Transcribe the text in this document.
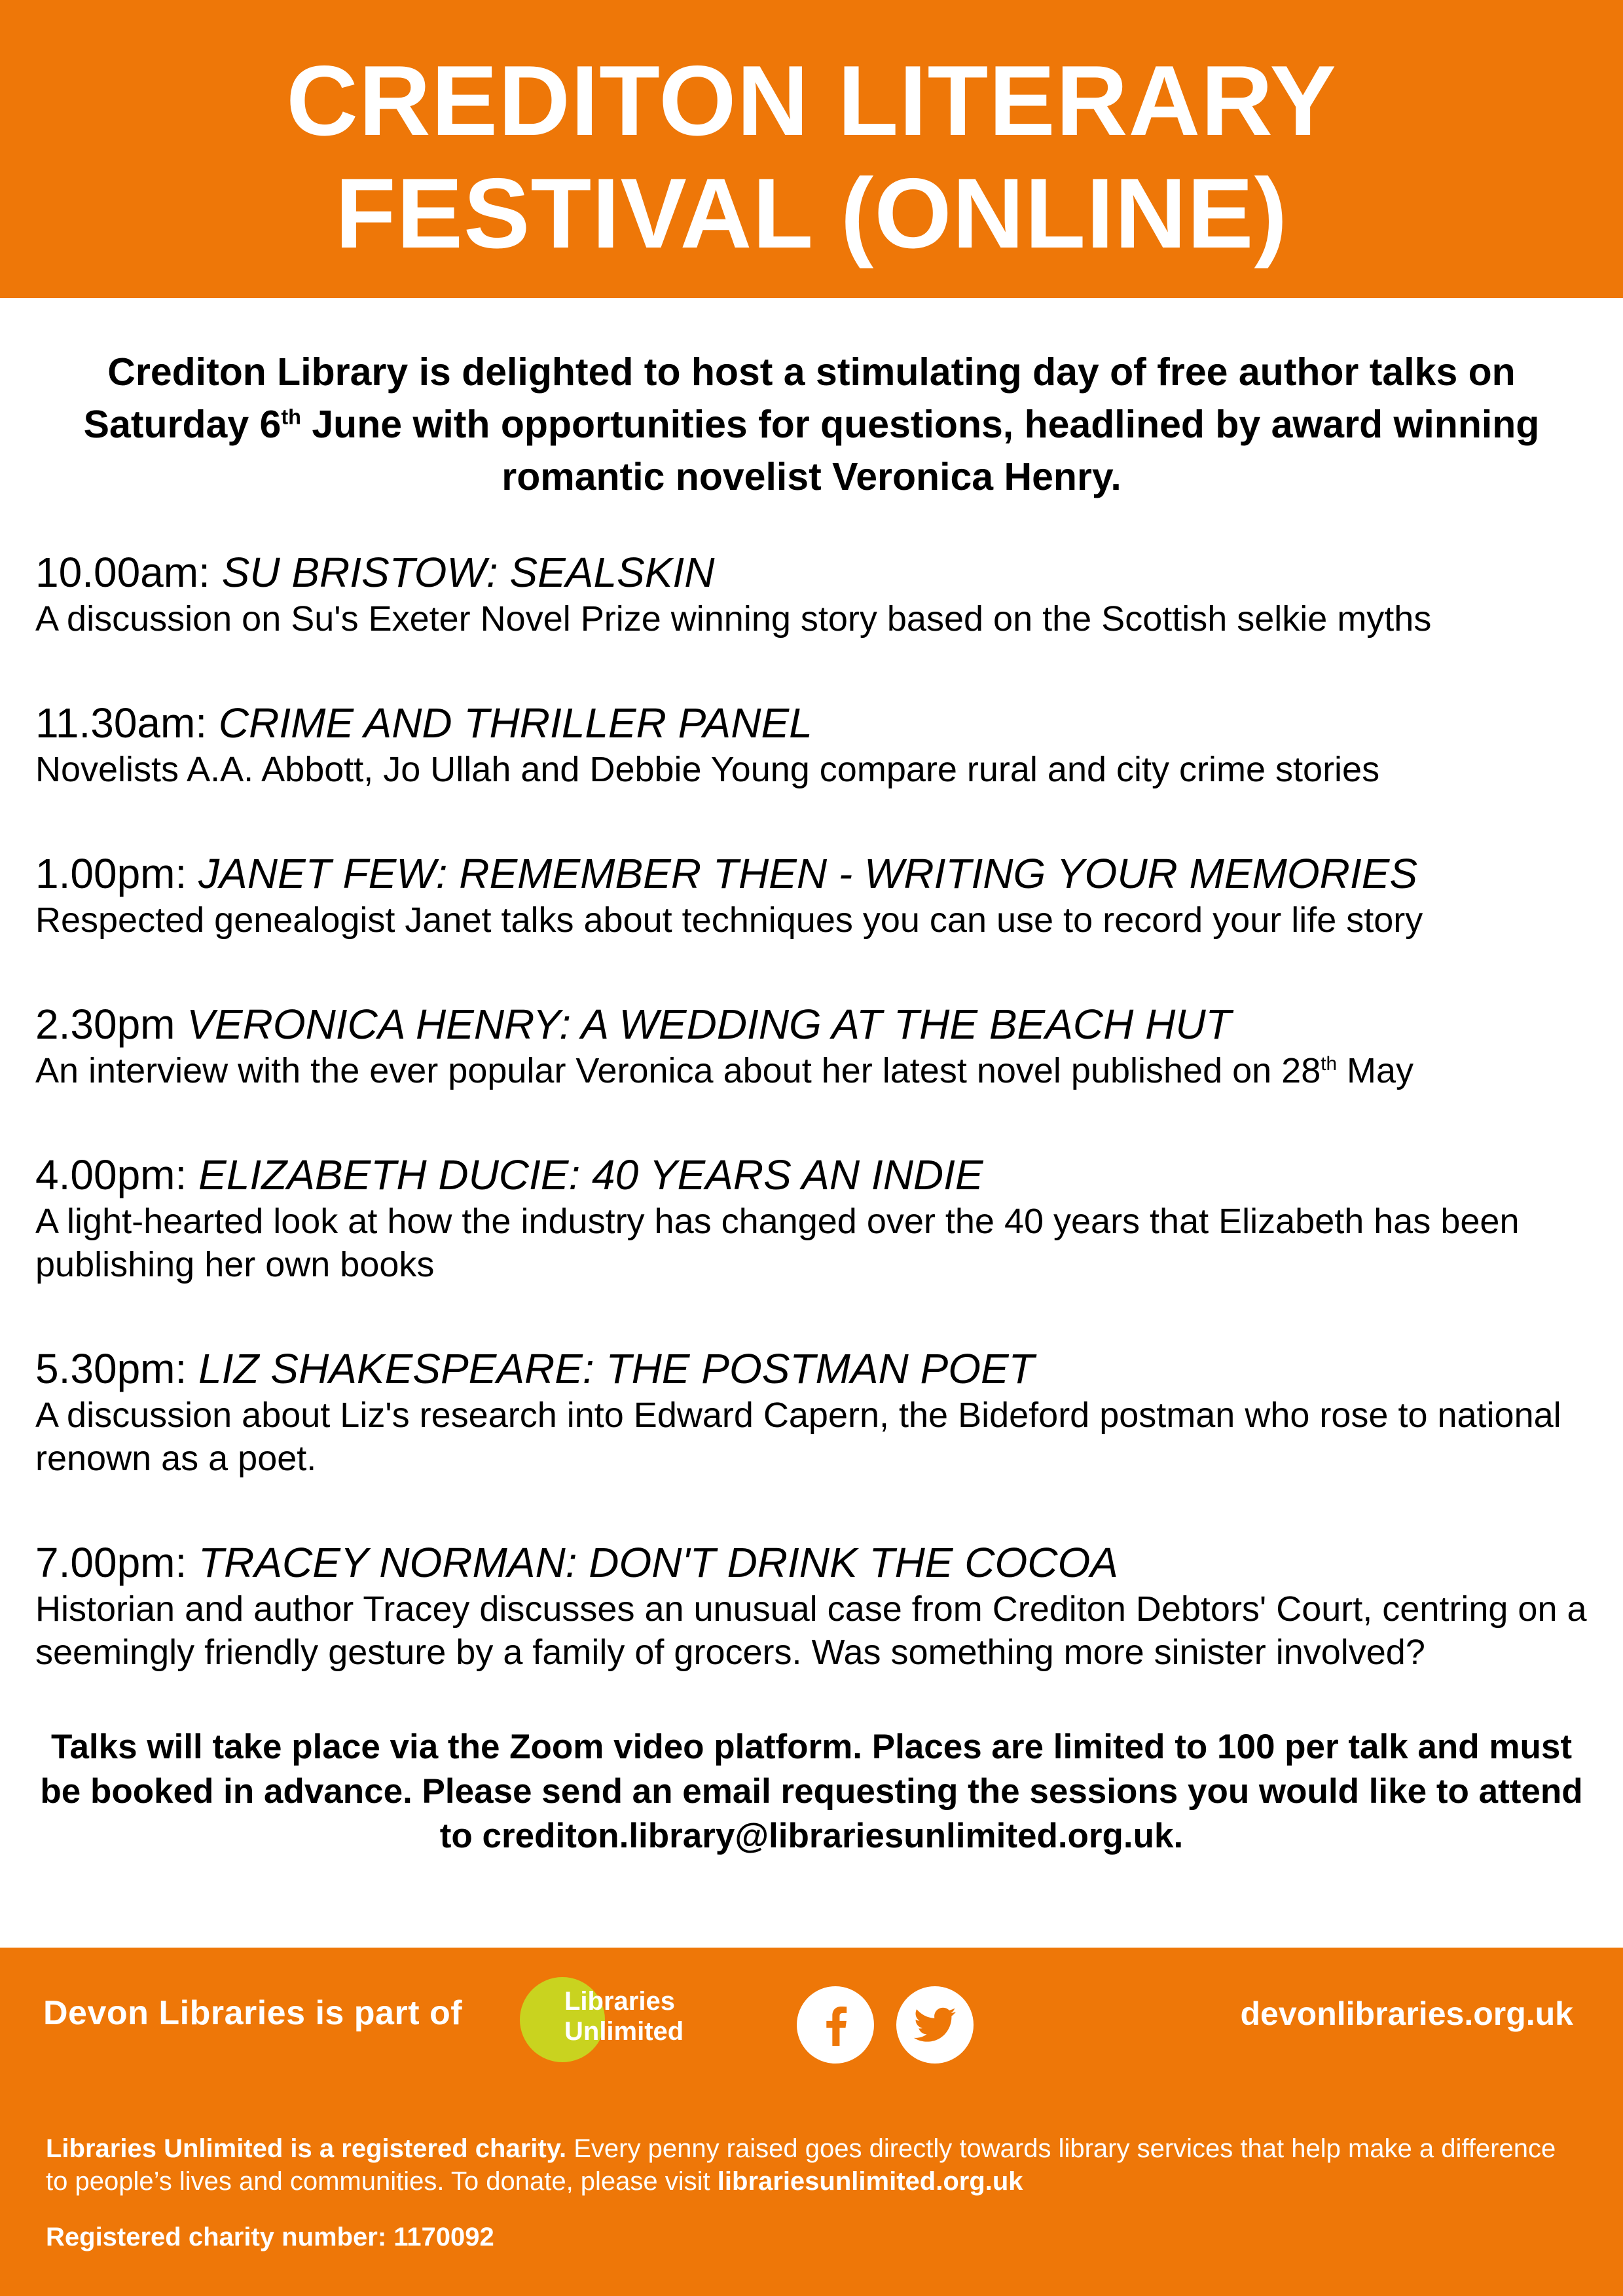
CREDITON LITERARY
FESTIVAL (ONLINE)
Crediton Library is delighted to host a stimulating day of free author talks on Saturday 6th June with opportunities for questions, headlined by award winning romantic novelist Veronica Henry.
10.00am: SU BRISTOW: SEALSKIN
A discussion on Su's Exeter Novel Prize winning story based on the Scottish selkie myths
11.30am: CRIME AND THRILLER PANEL
Novelists A.A. Abbott, Jo Ullah and Debbie Young compare rural and city crime stories
1.00pm: JANET FEW: REMEMBER THEN - WRITING YOUR MEMORIES
Respected genealogist Janet talks about techniques you can use to record your life story
2.30pm VERONICA HENRY: A WEDDING AT THE BEACH HUT
An interview with the ever popular Veronica about her latest novel published on 28th May
4.00pm: ELIZABETH DUCIE: 40 YEARS AN INDIE
A light-hearted look at how the industry has changed over the 40 years that Elizabeth has been publishing her own books
5.30pm: LIZ SHAKESPEARE: THE POSTMAN POET
A discussion about Liz's research into Edward Capern, the Bideford postman who rose to national renown as a poet.
7.00pm: TRACEY NORMAN: DON'T DRINK THE COCOA
Historian and author Tracey discusses an unusual case from Crediton Debtors' Court, centring on a seemingly friendly gesture by a family of grocers. Was something more sinister involved?
Talks will take place via the Zoom video platform. Places are limited to 100 per talk and must be booked in advance. Please send an email requesting the sessions you would like to attend to crediton.library@librariesunlimited.org.uk.
Devon Libraries is part of	Libraries
Unlimited	devonlibraries.org.uk
Libraries Unlimited is a registered charity. Every penny raised goes directly towards library services that help make a difference to people’s lives and communities. To donate, please visit librariesunlimited.org.uk
Registered charity number: 1170092
